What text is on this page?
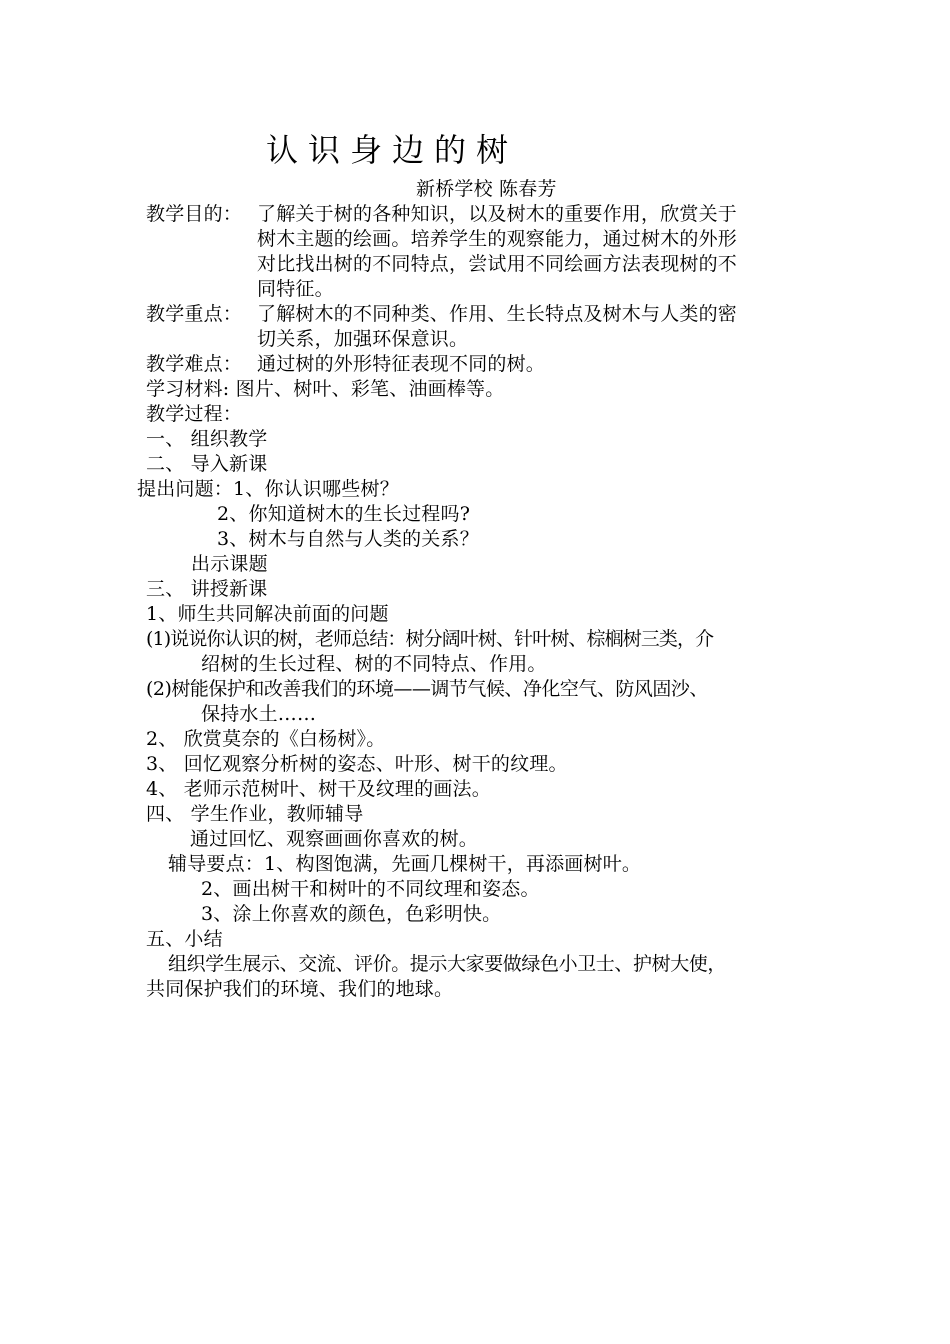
认识身边的树

新桥学校 陈春芳

教学目的： 了解关于树的各种知识，以及树木的重要作用，欣赏关于

树木主题的绘画。培养学生的观察能力，通过树木的外形

对比找出树的不同特点，尝试用不同绘画方法表现树的不

同特征。

教学重点： 了解树木的不同种类、作用、生长特点及树木与人类的密

切关系，加强环保意识。

教学难点： 通过树的外形特征表现不同的树。

学习材料: 图片、树叶、彩笔、油画棒等。

教学过程：

一、 组织教学

二、 导入新课

提出问题：1、你认识哪些树？

2、你知道树木的生长过程吗?

3、树木与自然与人类的关系？

出示课题

三、 讲授新课

1、师生共同解决前面的问题

(1)说说你认识的树，老师总结：树分阔叶树、针叶树、棕榈树三类，介

绍树的生长过程、树的不同特点、作用。

(2)树能保护和改善我们的环境——调节气候、净化空气、防风固沙、

保持水土……

2、 欣赏莫奈的《白杨树》。

3、 回忆观察分析树的姿态、叶形、树干的纹理。

4、 老师示范树叶、树干及纹理的画法。

四、 学生作业，教师辅导

通过回忆、观察画画你喜欢的树。

辅导要点：1、构图饱满，先画几棵树干，再添画树叶。

2、画出树干和树叶的不同纹理和姿态。

3、涂上你喜欢的颜色，色彩明快。

五、小结

组织学生展示、交流、评价。提示大家要做绿色小卫士、护树大使，

共同保护我们的环境、我们的地球。
